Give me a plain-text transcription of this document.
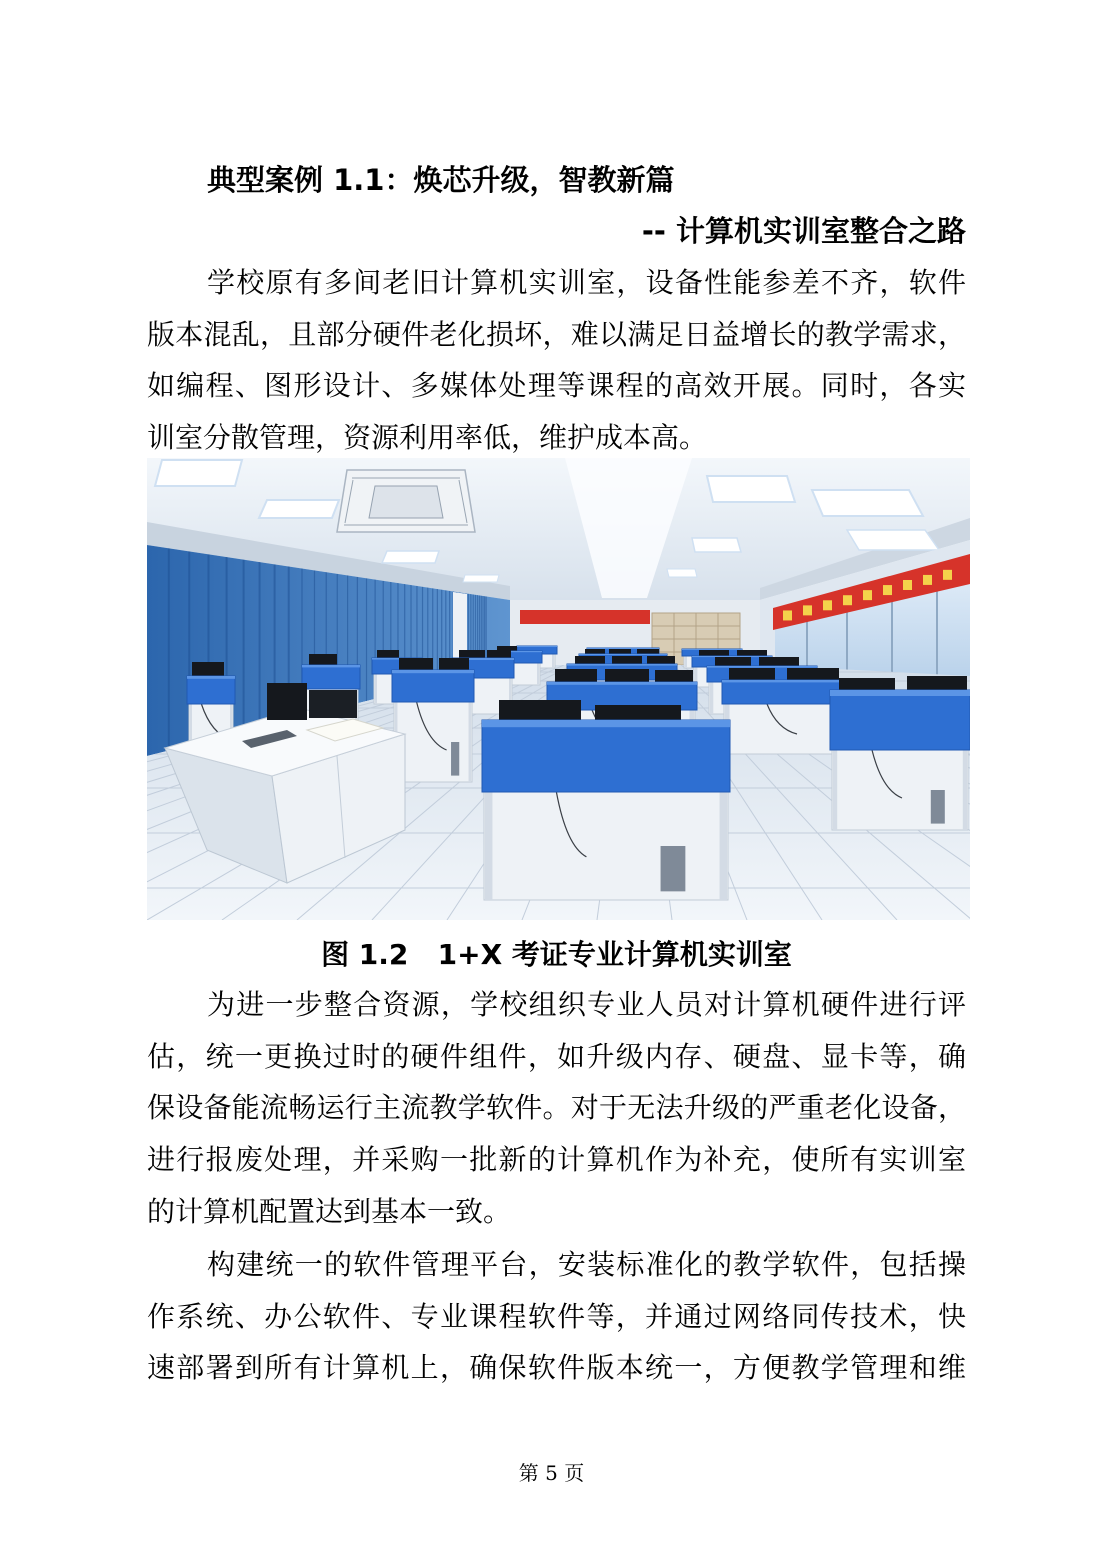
典型案例 1.1：焕芯升级，智教新篇
-- 计算机实训室整合之路
学校原有多间老旧计算机实训室，设备性能参差不齐，软件
版本混乱，且部分硬件老化损坏，难以满足日益增长的教学需求，
如编程、图形设计、多媒体处理等课程的高效开展。同时，各实
训室分散管理，资源利用率低，维护成本高。
图 1.2   1+X 考证专业计算机实训室
为进一步整合资源，学校组织专业人员对计算机硬件进行评
估，统一更换过时的硬件组件，如升级内存、硬盘、显卡等，确
保设备能流畅运行主流教学软件。对于无法升级的严重老化设备，
进行报废处理，并采购一批新的计算机作为补充，使所有实训室
的计算机配置达到基本一致。
构建统一的软件管理平台，安装标准化的教学软件，包括操
作系统、办公软件、专业课程软件等，并通过网络同传技术，快
速部署到所有计算机上，确保软件版本统一，方便教学管理和维
第 5 页
